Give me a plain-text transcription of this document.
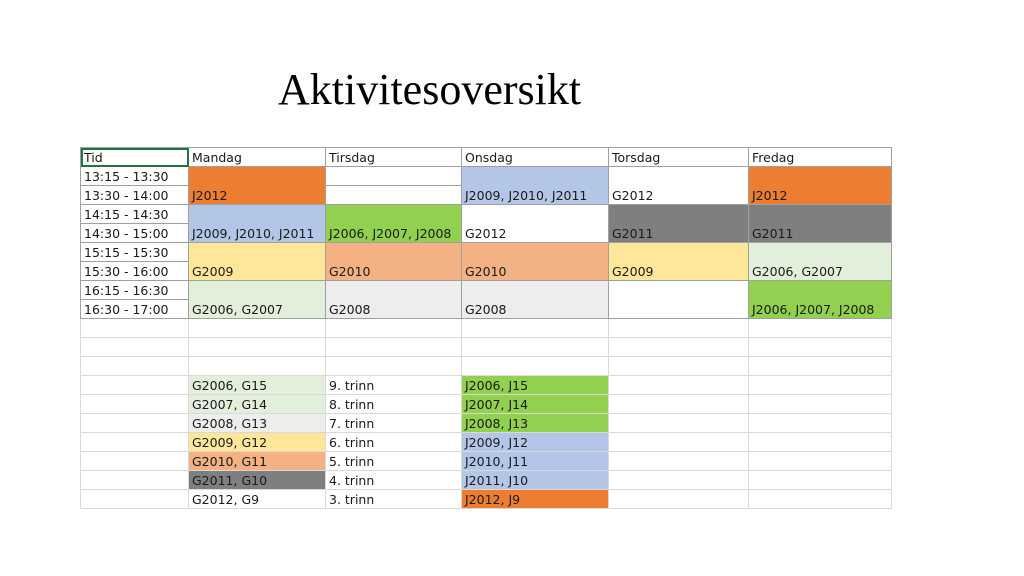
Aktivitesoversikt
Tid	Mandag	Tirsdag	Onsdag	Torsdag	Fredag
13:15 - 13:30	J2012		J2009, J2010, J2011	G2012	J2012
13:30 - 14:00					
14:15 - 14:30	J2009, J2010, J2011	J2006, J2007, J2008	G2012	G2011	G2011
14:30 - 15:00					
15:15 - 15:30	G2009	G2010	G2010	G2009	G2006, G2007
15:30 - 16:00					
16:15 - 16:30	G2006, G2007	G2008	G2008		J2006, J2007, J2008
16:30 - 17:00					

	G2006, G15	9. trinn	J2006, J15		
	G2007, G14	8. trinn	J2007, J14		
	G2008, G13	7. trinn	J2008, J13		
	G2009, G12	6. trinn	J2009, J12		
	G2010, G11	5. trinn	J2010, J11		
	G2011, G10	4. trinn	J2011, J10		
	G2012, G9	3. trinn	J2012, J9		
